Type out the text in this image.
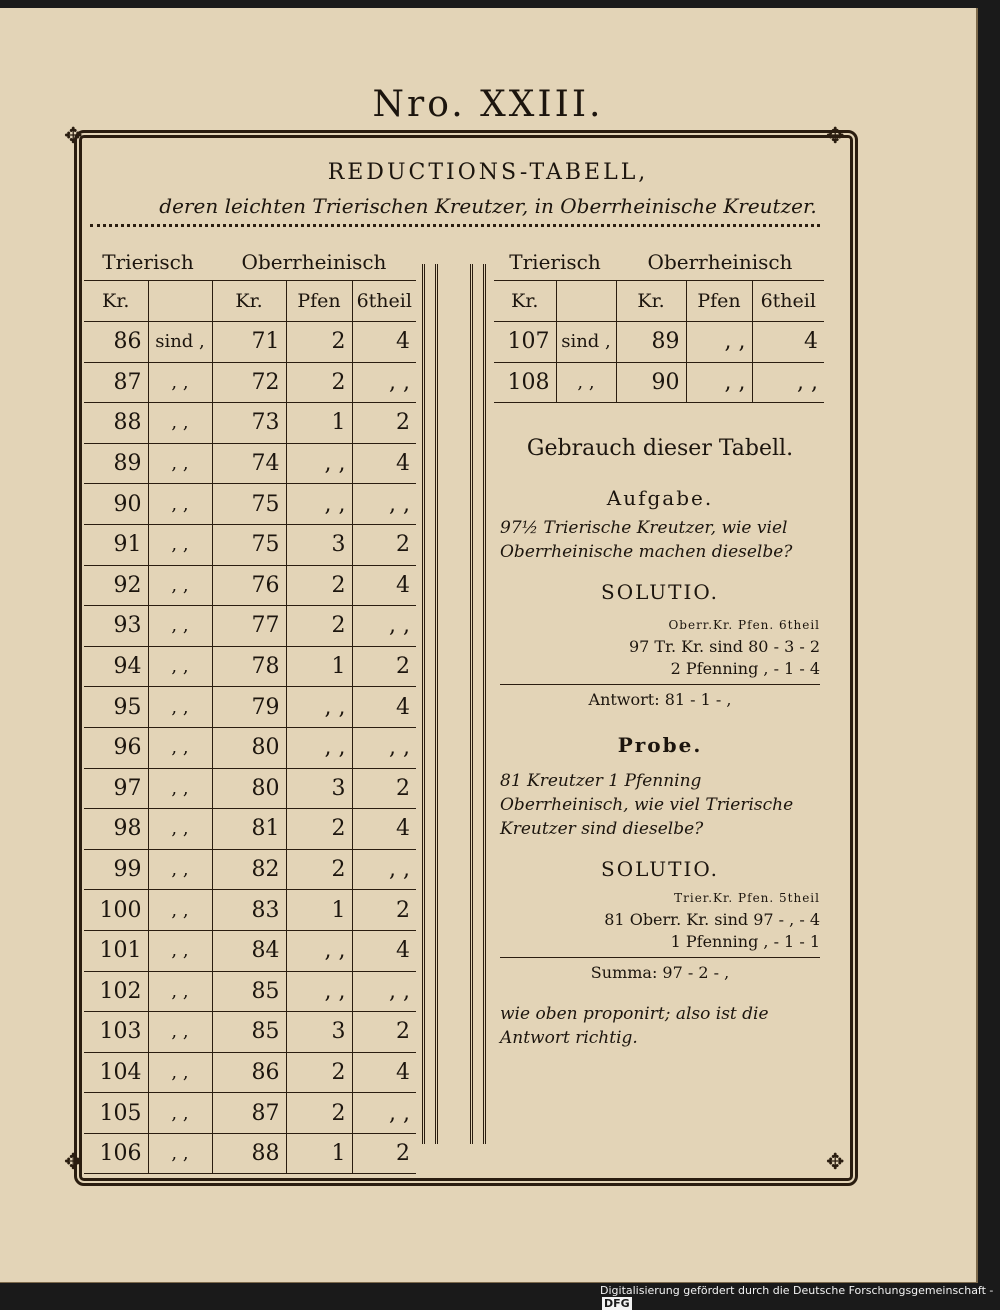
Nro. XXIII.
✥	✥
✥	✥
REDUCTIONS-TABELL,
deren leichten Trierischen Kreutzer, in Oberrheinische Kreutzer.
Trierisch		Oberrheinisch		
Kr.		Kr.	Pfen	6theil
86	sind ,	71	2	4
87	, ,	72	2	, ,
88	, ,	73	1	2
89	, ,	74	, ,	4
90	, ,	75	, ,	, ,
91	, ,	75	3	2
92	, ,	76	2	4
93	, ,	77	2	, ,
94	, ,	78	1	2
95	, ,	79	, ,	4
96	, ,	80	, ,	, ,
97	, ,	80	3	2
98	, ,	81	2	4
99	, ,	82	2	, ,
100	, ,	83	1	2
101	, ,	84	, ,	4
102	, ,	85	, ,	, ,
103	, ,	85	3	2
104	, ,	86	2	4
105	, ,	87	2	, ,
106	, ,	88	1	2
Trierisch		Oberrheinisch		
Kr.		Kr.	Pfen	6theil
107	sind ,	89	, ,	4
108	, ,	90	, ,	, ,
Gebrauch dieser Tabell.
Aufgabe.
97½ Trierische Kreutzer, wie viel Oberrheinische machen dieselbe?
SOLUTIO.
Oberr.Kr. Pfen. 6theil
97 Tr. Kr. sind 80 - 3 - 2
2 Pfenning , - 1 - 4
Antwort: 81 - 1 - ,
Probe.
81 Kreutzer 1 Pfenning Oberrheinisch, wie viel Trierische Kreutzer sind dieselbe?
SOLUTIO.
Trier.Kr. Pfen. 5theil
81 Oberr. Kr. sind 97 - , - 4
1 Pfenning , - 1 - 1
Summa: 97 - 2 - ,
wie oben proponirt; also ist die Antwort richtig.
Digitalisierung gefördert durch die Deutsche Forschungsgemeinschaft - DFG
